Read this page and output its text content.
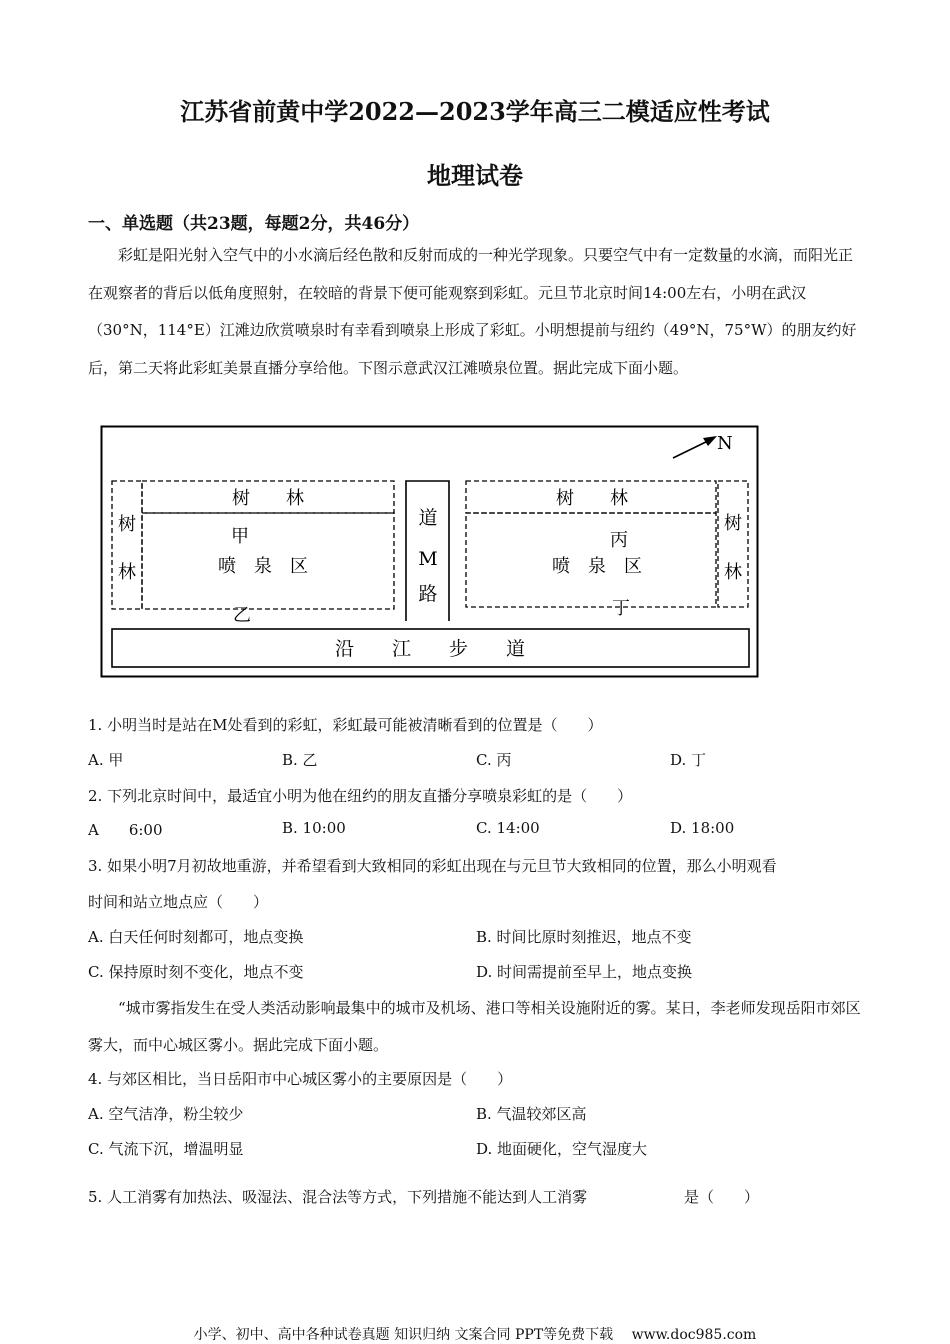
江苏省前黄中学2022—2023学年高三二模适应性考试
地理试卷
一、单选题（共23题，每题2分，共46分）
彩虹是阳光射入空气中的小水滴后经色散和反射而成的一种光学现象。只要空气中有一定数量的水滴，而阳光正在观察者的背后以低角度照射，在较暗的背景下便可能观察到彩虹。元旦节北京时间14:00左右，小明在武汉（30°N，114°E）江滩边欣赏喷泉时有幸看到喷泉上形成了彩虹。小明想提前与纽约（49°N，75°W）的朋友约好后，第二天将此彩虹美景直播分享给他。下图示意武汉江滩喷泉位置。据此完成下面小题。
N
树
林
树　　林
甲
喷　泉　区
乙
道
M
路
树　　林
丙
喷　泉　区
丁
树
林
沿　　江　　步　　道
1. 小明当时是站在M处看到的彩虹，彩虹最可能被清晰看到的位置是（　　）
A. 甲	B. 乙	C. 丙	D. 丁
2. 下列北京时间中，最适宜小明为他在纽约的朋友直播分享喷泉彩虹的是（　　）
A　　6:00	B. 10:00	C. 14:00	D. 18:00
3. 如果小明7月初故地重游，并希望看到大致相同的彩虹出现在与元旦节大致相同的位置，那么小明观看
时间和站立地点应（　　）
A. 白天任何时刻都可，地点变换	B. 时间比原时刻推迟，地点不变
C. 保持原时刻不变化，地点不变	D. 时间需提前至早上，地点变换
“城市雾指发生在受人类活动影响最集中的城市及机场、港口等相关设施附近的雾。某日，李老师发现岳阳市郊区雾大，而中心城区雾小。据此完成下面小题。
4. 与郊区相比，当日岳阳市中心城区雾小的主要原因是（　　）
A. 空气洁净，粉尘较少	B. 气温较郊区高
C. 气流下沉，增温明显	D. 地面硬化，空气湿度大
5. 人工消雾有加热法、吸湿法、混合法等方式，下列措施不能达到人工消雾	是（　　）
小学、初中、高中各种试卷真题 知识归纳 文案合同 PPT等免费下载　 www.doc985.com
